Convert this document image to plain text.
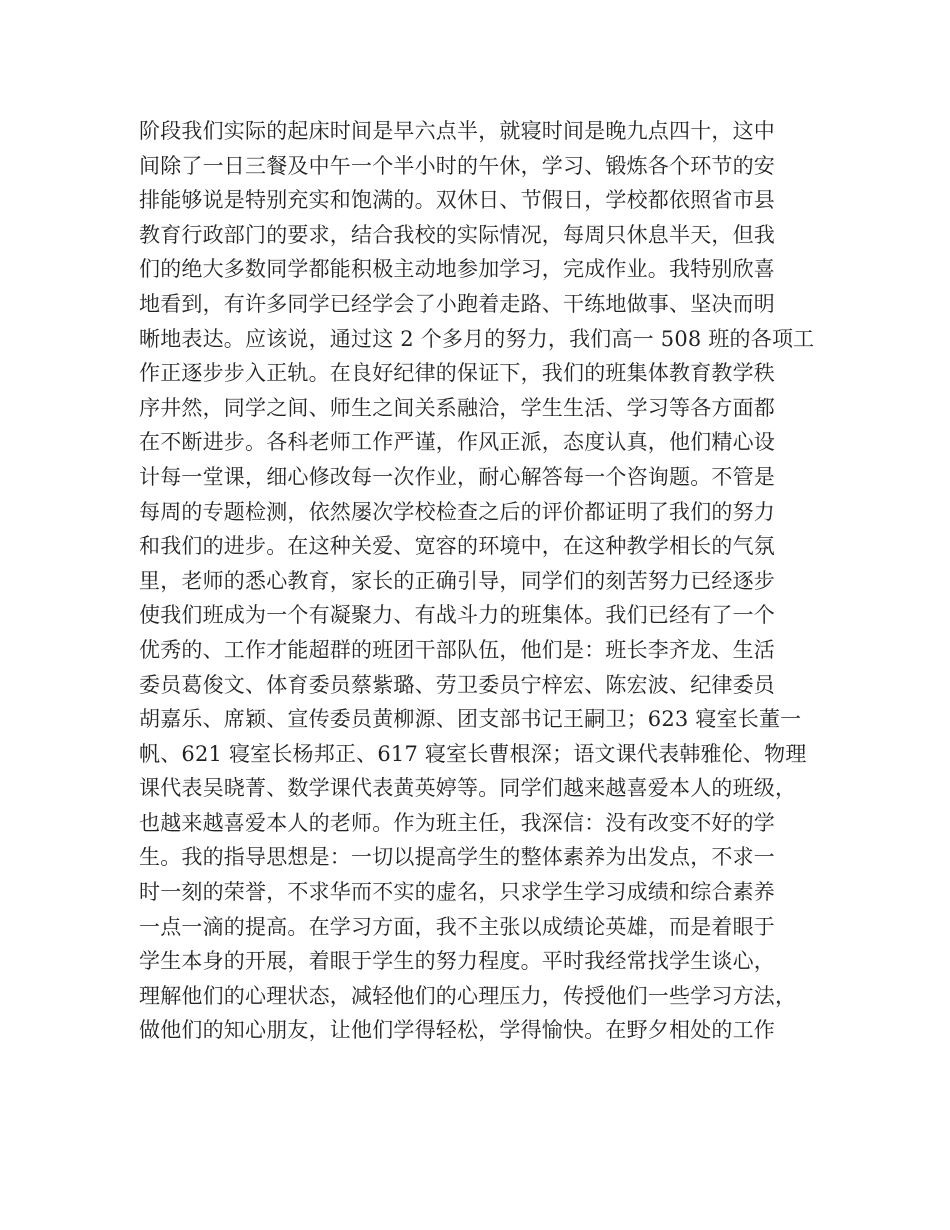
阶段我们实际的起床时间是早六点半，就寝时间是晚九点四十，这中
间除了一日三餐及中午一个半小时的午休，学习、锻炼各个环节的安
排能够说是特别充实和饱满的。双休日、节假日，学校都依照省市县
教育行政部门的要求，结合我校的实际情况，每周只休息半天，但我
们的绝大多数同学都能积极主动地参加学习，完成作业。我特别欣喜
地看到，有许多同学已经学会了小跑着走路、干练地做事、坚决而明
晰地表达。应该说，通过这 2 个多月的努力，我们高一 508 班的各项工
作正逐步步入正轨。在良好纪律的保证下，我们的班集体教育教学秩
序井然，同学之间、师生之间关系融洽，学生生活、学习等各方面都
在不断进步。各科老师工作严谨，作风正派，态度认真，他们精心设
计每一堂课，细心修改每一次作业，耐心解答每一个咨询题。不管是
每周的专题检测，依然屡次学校检查之后的评价都证明了我们的努力
和我们的进步。在这种关爱、宽容的环境中，在这种教学相长的气氛
里，老师的悉心教育，家长的正确引导，同学们的刻苦努力已经逐步
使我们班成为一个有凝聚力、有战斗力的班集体。我们已经有了一个
优秀的、工作才能超群的班团干部队伍，他们是：班长李齐龙、生活
委员葛俊文、体育委员蔡紫璐、劳卫委员宁梓宏、陈宏波、纪律委员
胡嘉乐、席颖、宣传委员黄柳源、团支部书记王嗣卫；623 寝室长董一
帆、621 寝室长杨邦正、617 寝室长曹根深；语文课代表韩雅伦、物理
课代表吴晓菁、数学课代表黄英婷等。同学们越来越喜爱本人的班级，
也越来越喜爱本人的老师。作为班主任，我深信：没有改变不好的学
生。我的指导思想是：一切以提高学生的整体素养为出发点，不求一
时一刻的荣誉，不求华而不实的虚名，只求学生学习成绩和综合素养
一点一滴的提高。在学习方面，我不主张以成绩论英雄，而是着眼于
学生本身的开展，着眼于学生的努力程度。平时我经常找学生谈心，
理解他们的心理状态，减轻他们的心理压力，传授他们一些学习方法，
做他们的知心朋友，让他们学得轻松，学得愉快。在野夕相处的工作
